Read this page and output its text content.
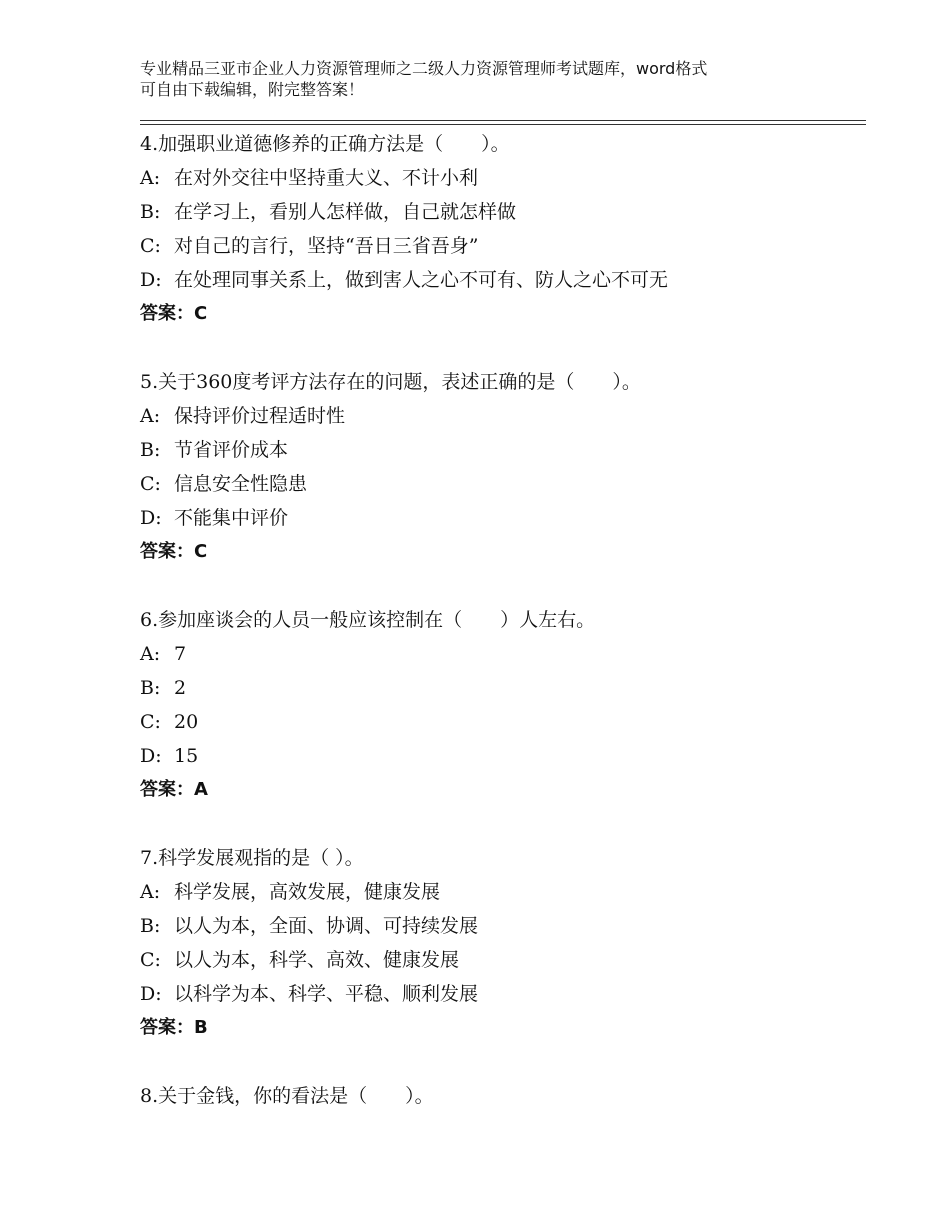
专业精品三亚市企业人力资源管理师之二级人力资源管理师考试题库，word格式
可自由下载编辑，附完整答案！
4.加强职业道德修养的正确方法是（　　）。
A: 在对外交往中坚持重大义、不计小利
B: 在学习上，看别人怎样做，自己就怎样做
C: 对自己的言行，坚持“吾日三省吾身”
D: 在处理同事关系上，做到害人之心不可有、防人之心不可无
答案：C
5.关于360度考评方法存在的问题，表述正确的是（　　）。
A: 保持评价过程适时性
B: 节省评价成本
C: 信息安全性隐患
D: 不能集中评价
答案：C
6.参加座谈会的人员一般应该控制在（　　）人左右。
A: 7
B: 2
C: 20
D: 15
答案：A
7.科学发展观指的是（ ）。
A: 科学发展，高效发展，健康发展
B: 以人为本，全面、协调、可持续发展
C: 以人为本，科学、高效、健康发展
D: 以科学为本、科学、平稳、顺利发展
答案：B
8.关于金钱，你的看法是（　　）。
